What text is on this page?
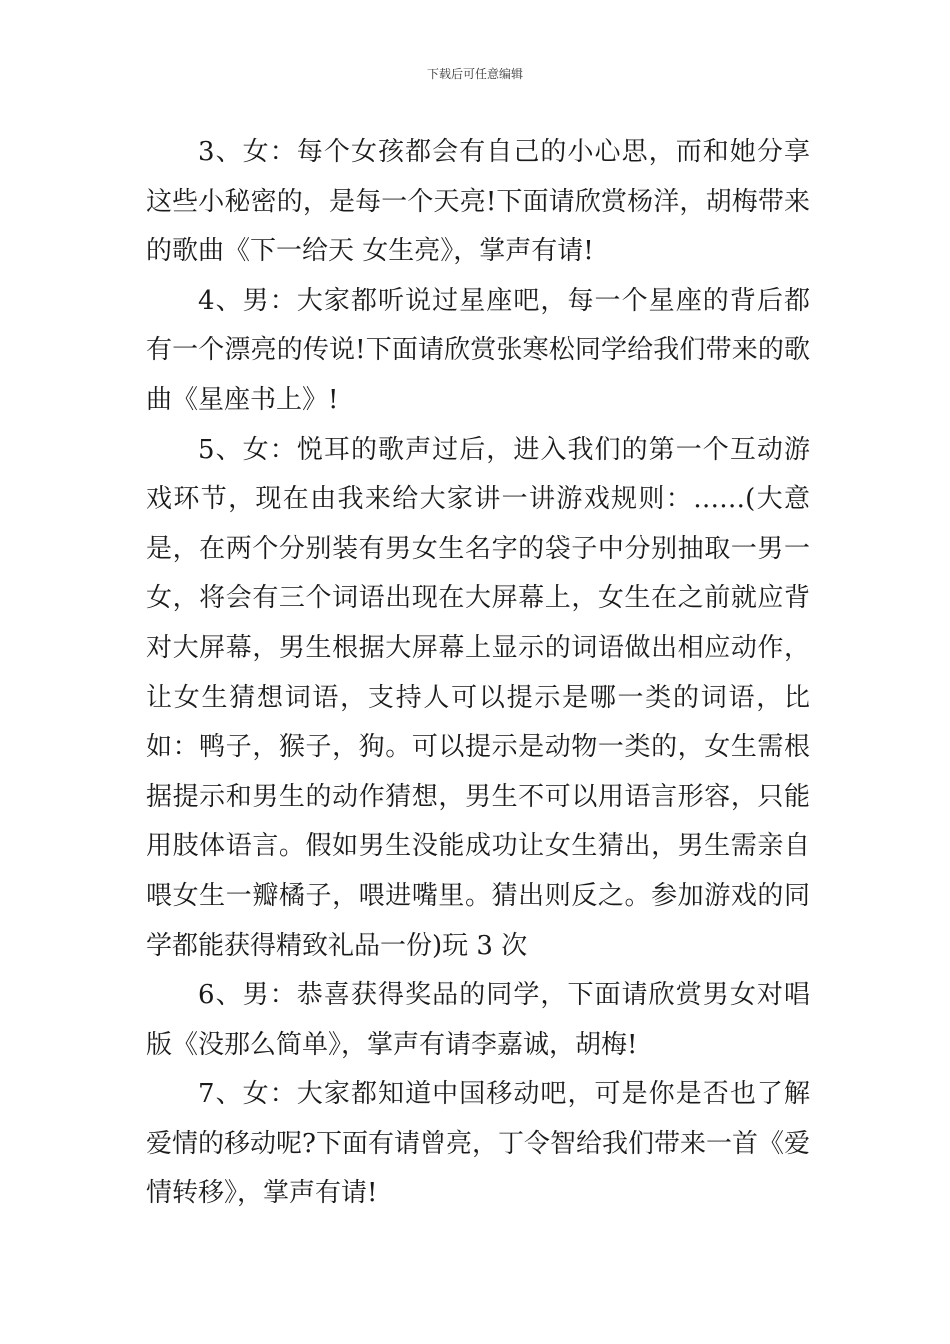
下载后可任意编辑

3、女：每个女孩都会有自己的小心思，而和她分享这些小秘密的，是每一个天亮!下面请欣赏杨洋，胡梅带来的歌曲《下一给天 女生亮》，掌声有请!

4、男：大家都听说过星座吧，每一个星座的背后都有一个漂亮的传说!下面请欣赏张寒松同学给我们带来的歌曲《星座书上》!

5、女：悦耳的歌声过后，进入我们的第一个互动游戏环节，现在由我来给大家讲一讲游戏规则：……(大意是，在两个分别装有男女生名字的袋子中分别抽取一男一女，将会有三个词语出现在大屏幕上，女生在之前就应背对大屏幕，男生根据大屏幕上显示的词语做出相应动作，让女生猜想词语，支持人可以提示是哪一类的词语，比如：鸭子，猴子，狗。可以提示是动物一类的，女生需根据提示和男生的动作猜想，男生不可以用语言形容，只能用肢体语言。假如男生没能成功让女生猜出，男生需亲自喂女生一瓣橘子，喂进嘴里。猜出则反之。参加游戏的同学都能获得精致礼品一份)玩 3 次

6、男：恭喜获得奖品的同学，下面请欣赏男女对唱版《没那么简单》，掌声有请李嘉诚，胡梅!

7、女：大家都知道中国移动吧，可是你是否也了解爱情的移动呢?下面有请曾亮，丁令智给我们带来一首《爱情转移》，掌声有请!
